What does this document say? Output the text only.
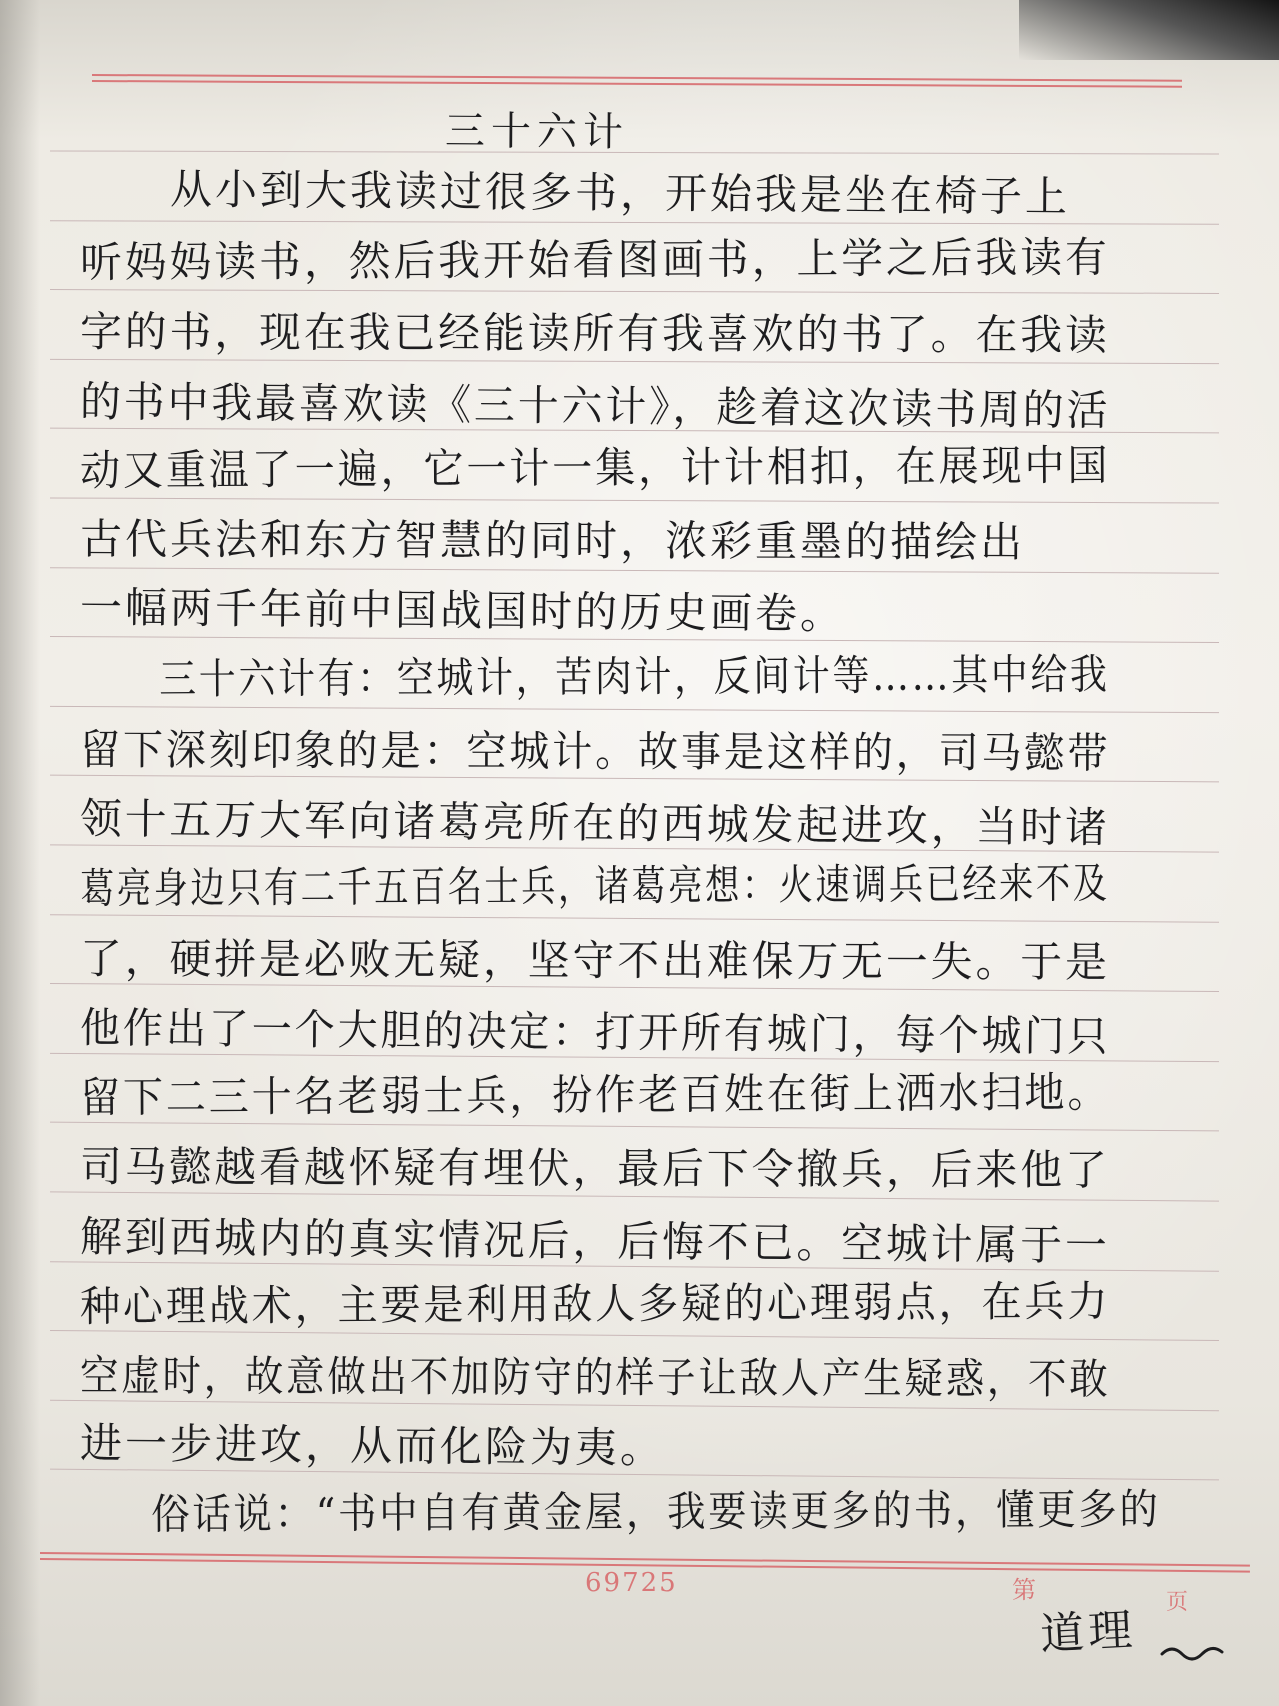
三十六计
　　从小到大我读过很多书，开始我是坐在椅子上
听妈妈读书，然后我开始看图画书，上学之后我读有
字的书，现在我已经能读所有我喜欢的书了。在我读
的书中我最喜欢读《三十六计》，趁着这次读书周的活
动又重温了一遍，它一计一集，计计相扣，在展现中国
古代兵法和东方智慧的同时，浓彩重墨的描绘出
一幅两千年前中国战国时的历史画卷。
　　三十六计有：空城计，苦肉计，反间计等……其中给我
留下深刻印象的是：空城计。故事是这样的，司马懿带
领十五万大军向诸葛亮所在的西城发起进攻，当时诸
葛亮身边只有二千五百名士兵，诸葛亮想：火速调兵已经来不及
了，硬拼是必败无疑，坚守不出难保万无一失。于是
他作出了一个大胆的决定：打开所有城门，每个城门只
留下二三十名老弱士兵，扮作老百姓在街上洒水扫地。
司马懿越看越怀疑有埋伏，最后下令撤兵，后来他了
解到西城内的真实情况后，后悔不已。空城计属于一
种心理战术，主要是利用敌人多疑的心理弱点，在兵力
空虚时，故意做出不加防守的样子让敌人产生疑惑，不敢
进一步进攻，从而化险为夷。
　俗话说：“书中自有黄金屋，我要读更多的书，懂更多的
69725	第	页
道理
